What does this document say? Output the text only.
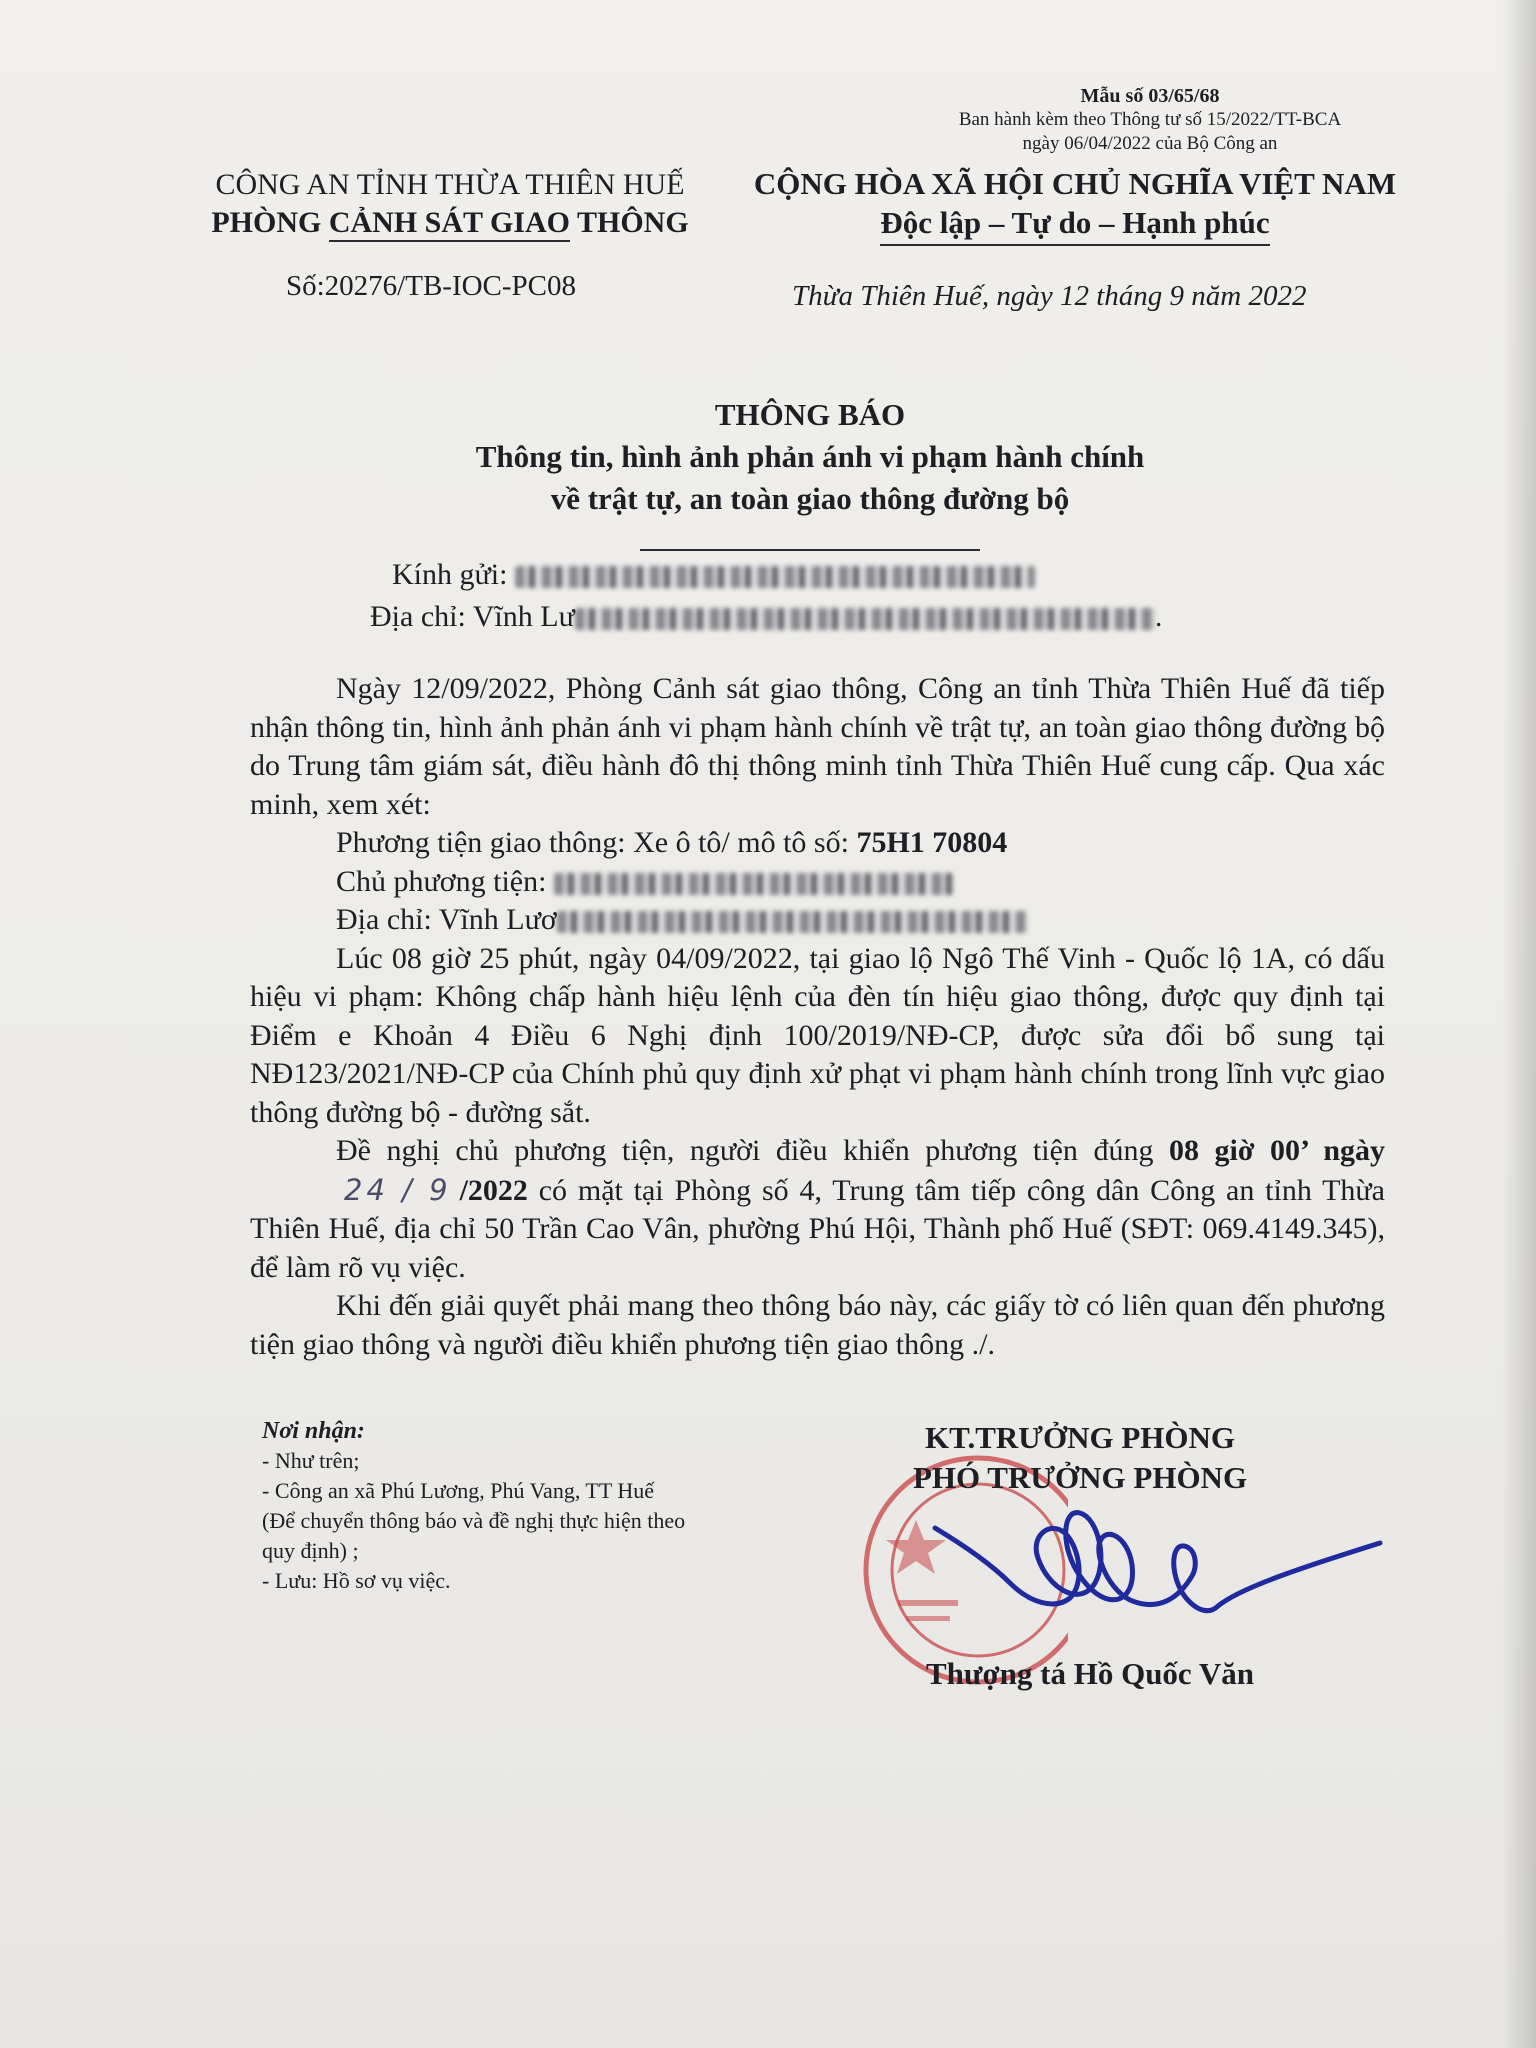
Mẫu số 03/65/68
Ban hành kèm theo Thông tư số 15/2022/TT-BCA
ngày 06/04/2022 của Bộ Công an
CÔNG AN TỈNH THỪA THIÊN HUẾ
PHÒNG CẢNH SÁT GIAO THÔNG
CỘNG HÒA XÃ HỘI CHỦ NGHĨA VIỆT NAM
Độc lập – Tự do – Hạnh phúc
Số:20276/TB-IOC-PC08	Thừa Thiên Huế, ngày 12 tháng 9 năm 2022
THÔNG BÁO
Thông tin, hình ảnh phản ánh vi phạm hành chính
về trật tự, an toàn giao thông đường bộ
Kính gửi:
Địa chỉ: Vĩnh Lư	.

Ngày 12/09/2022, Phòng Cảnh sát giao thông, Công an tỉnh Thừa Thiên Huế đã tiếp nhận thông tin, hình ảnh phản ánh vi phạm hành chính về trật tự, an toàn giao thông đường bộ do Trung tâm giám sát, điều hành đô thị thông minh tỉnh Thừa Thiên Huế cung cấp. Qua xác minh, xem xét:

Phương tiện giao thông: Xe ô tô/ mô tô số: 75H1 70804

Chủ phương tiện:

Địa chỉ: Vĩnh Lươ

Lúc 08 giờ 25 phút, ngày 04/09/2022, tại giao lộ Ngô Thế Vinh - Quốc lộ 1A, có dấu hiệu vi phạm: Không chấp hành hiệu lệnh của đèn tín hiệu giao thông, được quy định tại Điểm e Khoản 4 Điều 6 Nghị định 100/2019/NĐ-CP, được sửa đổi bổ sung tại NĐ123/2021/NĐ-CP của Chính phủ quy định xử phạt vi phạm hành chính trong lĩnh vực giao thông đường bộ - đường sắt.

Đề nghị chủ phương tiện, người điều khiển phương tiện đúng 08 giờ 00’ ngày 24 / 9 /2022 có mặt tại Phòng số 4, Trung tâm tiếp công dân Công an tỉnh Thừa Thiên Huế, địa chỉ 50 Trần Cao Vân, phường Phú Hội, Thành phố Huế (SĐT: 069.4149.345), để làm rõ vụ việc.

Khi đến giải quyết phải mang theo thông báo này, các giấy tờ có liên quan đến phương tiện giao thông và người điều khiển phương tiện giao thông ./.

Nơi nhận:
- Như trên;
- Công an xã Phú Lương, Phú Vang, TT Huế
(Để chuyển thông báo và đề nghị thực hiện theo
quy định) ;
- Lưu: Hồ sơ vụ việc.
KT.TRƯỞNG PHÒNG
PHÓ TRƯỞNG PHÒNG
Thượng tá Hồ Quốc Văn
